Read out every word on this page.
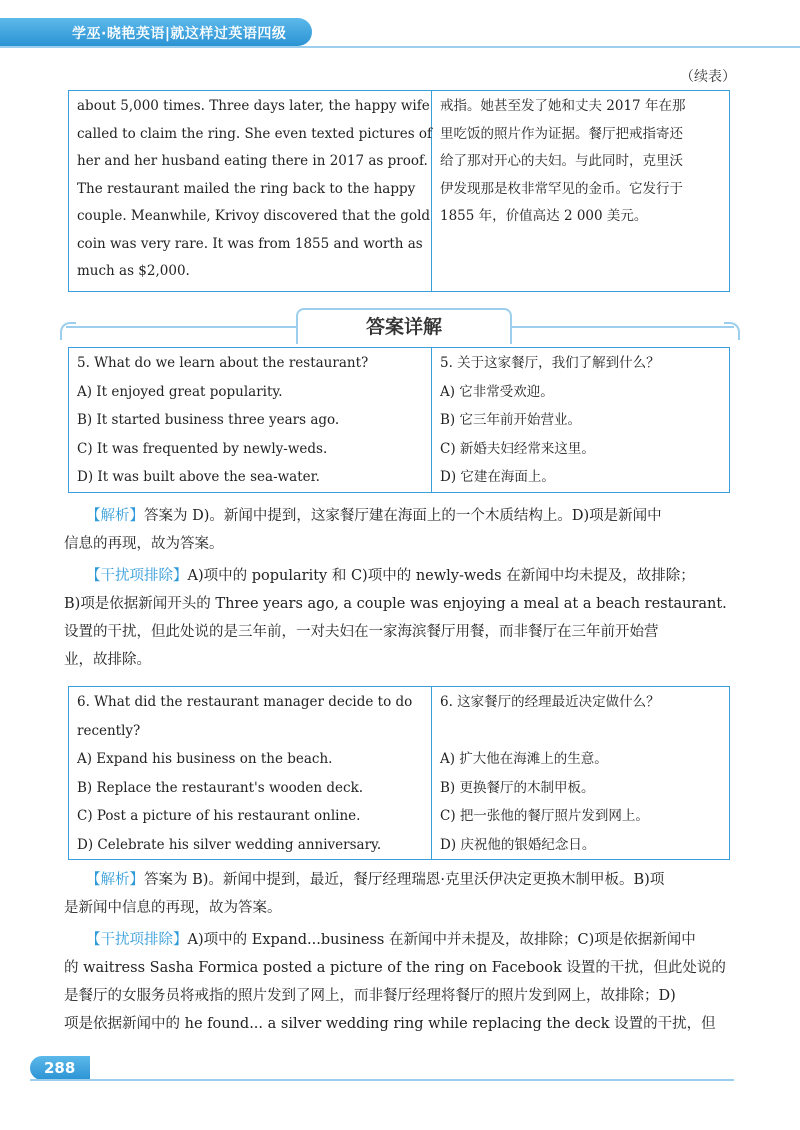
学巫·晓艳英语|就这样过英语四级
（续表）
about 5,000 times. Three days later, the happy wife
called to claim the ring. She even texted pictures of
her and her husband eating there in 2017 as proof.
The restaurant mailed the ring back to the happy
couple. Meanwhile, Krivoy discovered that the gold
coin was very rare. It was from 1855 and worth as
much as $2,000.
戒指。她甚至发了她和丈夫 2017 年在那
里吃饭的照片作为证据。餐厅把戒指寄还
给了那对开心的夫妇。与此同时，克里沃
伊发现那是枚非常罕见的金币。它发行于
1855 年，价值高达 2 000 美元。
答案详解
5. What do we learn about the restaurant?
A) It enjoyed great popularity.
B) It started business three years ago.
C) It was frequented by newly-weds.
D) It was built above the sea-water.
5. 关于这家餐厅，我们了解到什么？
A) 它非常受欢迎。
B) 它三年前开始营业。
C) 新婚夫妇经常来这里。
D) 它建在海面上。
【解析】答案为 D)。新闻中提到，这家餐厅建在海面上的一个木质结构上。D)项是新闻中
信息的再现，故为答案。
【干扰项排除】A)项中的 popularity 和 C)项中的 newly-weds 在新闻中均未提及，故排除；
B)项是依据新闻开头的 Three years ago, a couple was enjoying a meal at a beach restaurant.
设置的干扰，但此处说的是三年前，一对夫妇在一家海滨餐厅用餐，而非餐厅在三年前开始营
业，故排除。
6. What did the restaurant manager decide to do
recently?
A) Expand his business on the beach.
B) Replace the restaurant's wooden deck.
C) Post a picture of his restaurant online.
D) Celebrate his silver wedding anniversary.
6. 这家餐厅的经理最近决定做什么？
A) 扩大他在海滩上的生意。
B) 更换餐厅的木制甲板。
C) 把一张他的餐厅照片发到网上。
D) 庆祝他的银婚纪念日。
【解析】答案为 B)。新闻中提到，最近，餐厅经理瑞恩·克里沃伊决定更换木制甲板。B)项
是新闻中信息的再现，故为答案。
【干扰项排除】A)项中的 Expand...business 在新闻中并未提及，故排除；C)项是依据新闻中
的 waitress Sasha Formica posted a picture of the ring on Facebook 设置的干扰，但此处说的
是餐厅的女服务员将戒指的照片发到了网上，而非餐厅经理将餐厅的照片发到网上，故排除；D)
项是依据新闻中的 he found... a silver wedding ring while replacing the deck 设置的干扰，但
288
